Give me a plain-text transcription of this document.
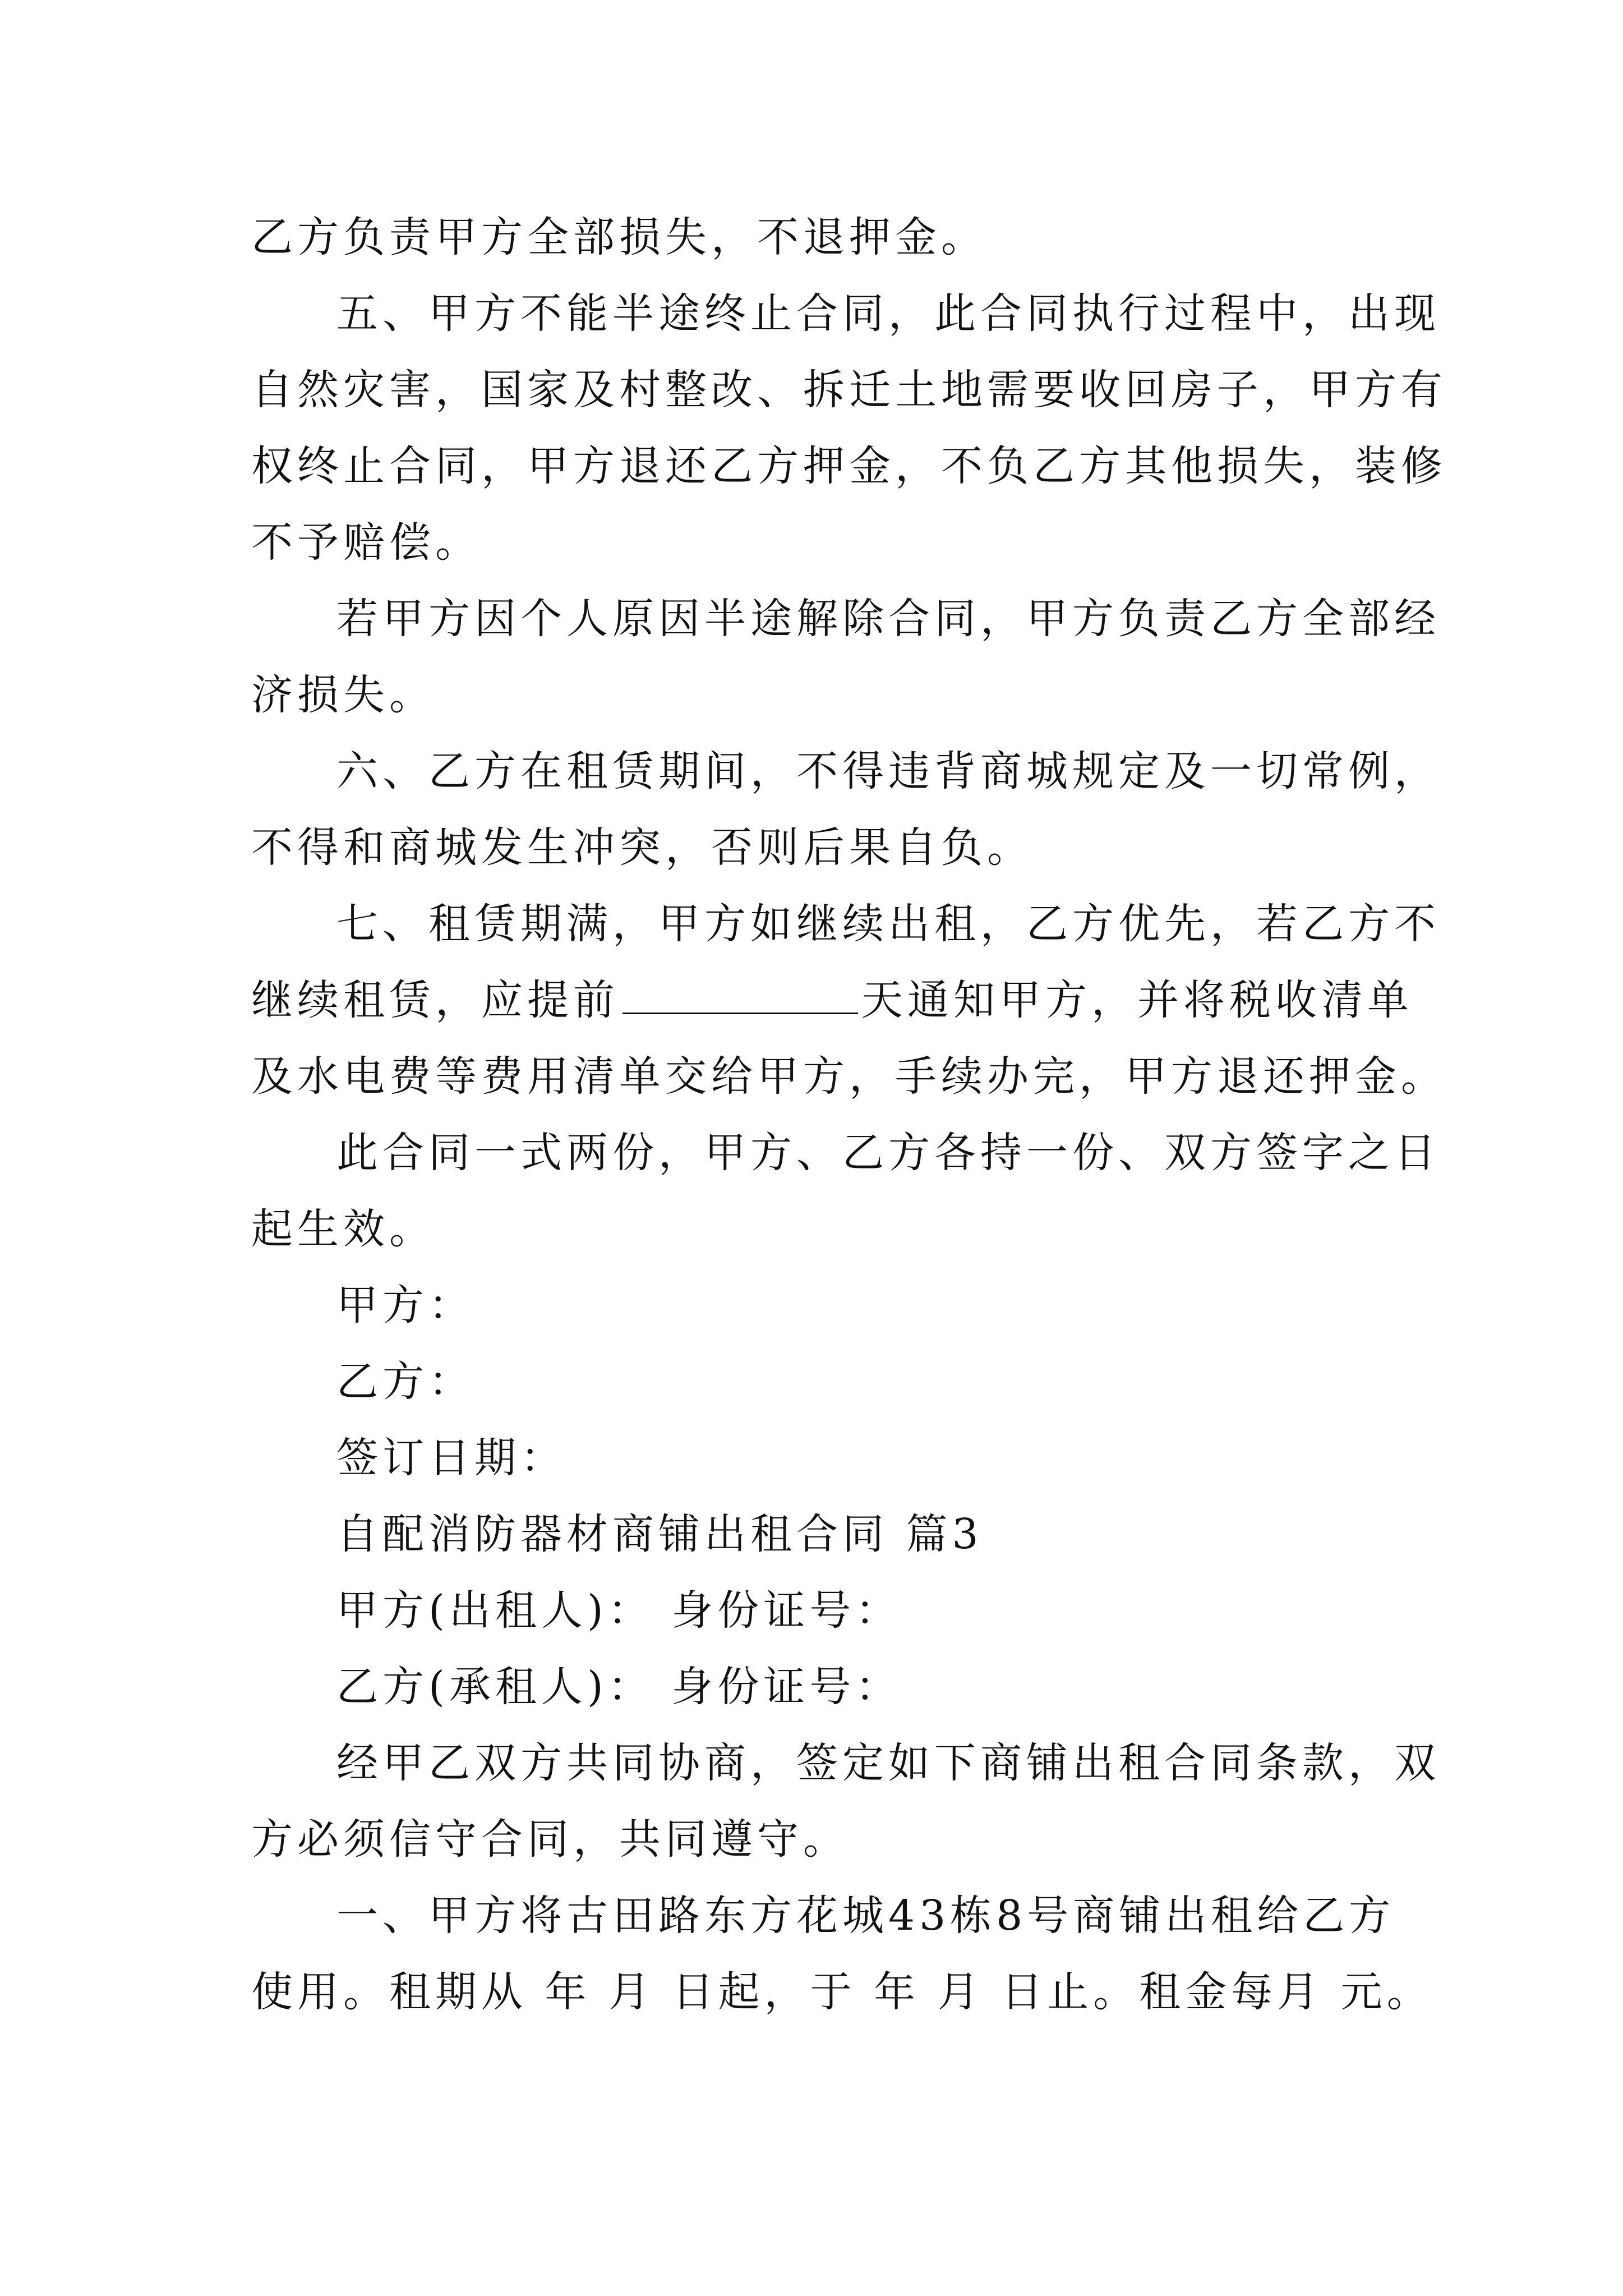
乙方负责甲方全部损失，不退押金。
五、甲方不能半途终止合同，此合同执行过程中，出现
自然灾害，国家及村整改、拆迁土地需要收回房子，甲方有
权终止合同，甲方退还乙方押金，不负乙方其他损失，装修
不予赔偿。
若甲方因个人原因半途解除合同，甲方负责乙方全部经
济损失。
六、乙方在租赁期间，不得违背商城规定及一切常例，
不得和商城发生冲突，否则后果自负。
七、租赁期满，甲方如继续出租，乙方优先，若乙方不
继续租赁，应提前	天通知甲方，并将税收清单
及水电费等费用清单交给甲方，手续办完，甲方退还押金。
此合同一式两份，甲方、乙方各持一份、双方签字之日
起生效。
甲方：
乙方：
签订日期：
自配消防器材商铺出租合同 篇3
甲方(出租人)： 身份证号：
乙方(承租人)： 身份证号：
经甲乙双方共同协商，签定如下商铺出租合同条款，双
方必须信守合同，共同遵守。
一、甲方将古田路东方花城43栋8号商铺出租给乙方
使用。租期从 年 月 日起，于 年 月 日止。租金每月 元。
